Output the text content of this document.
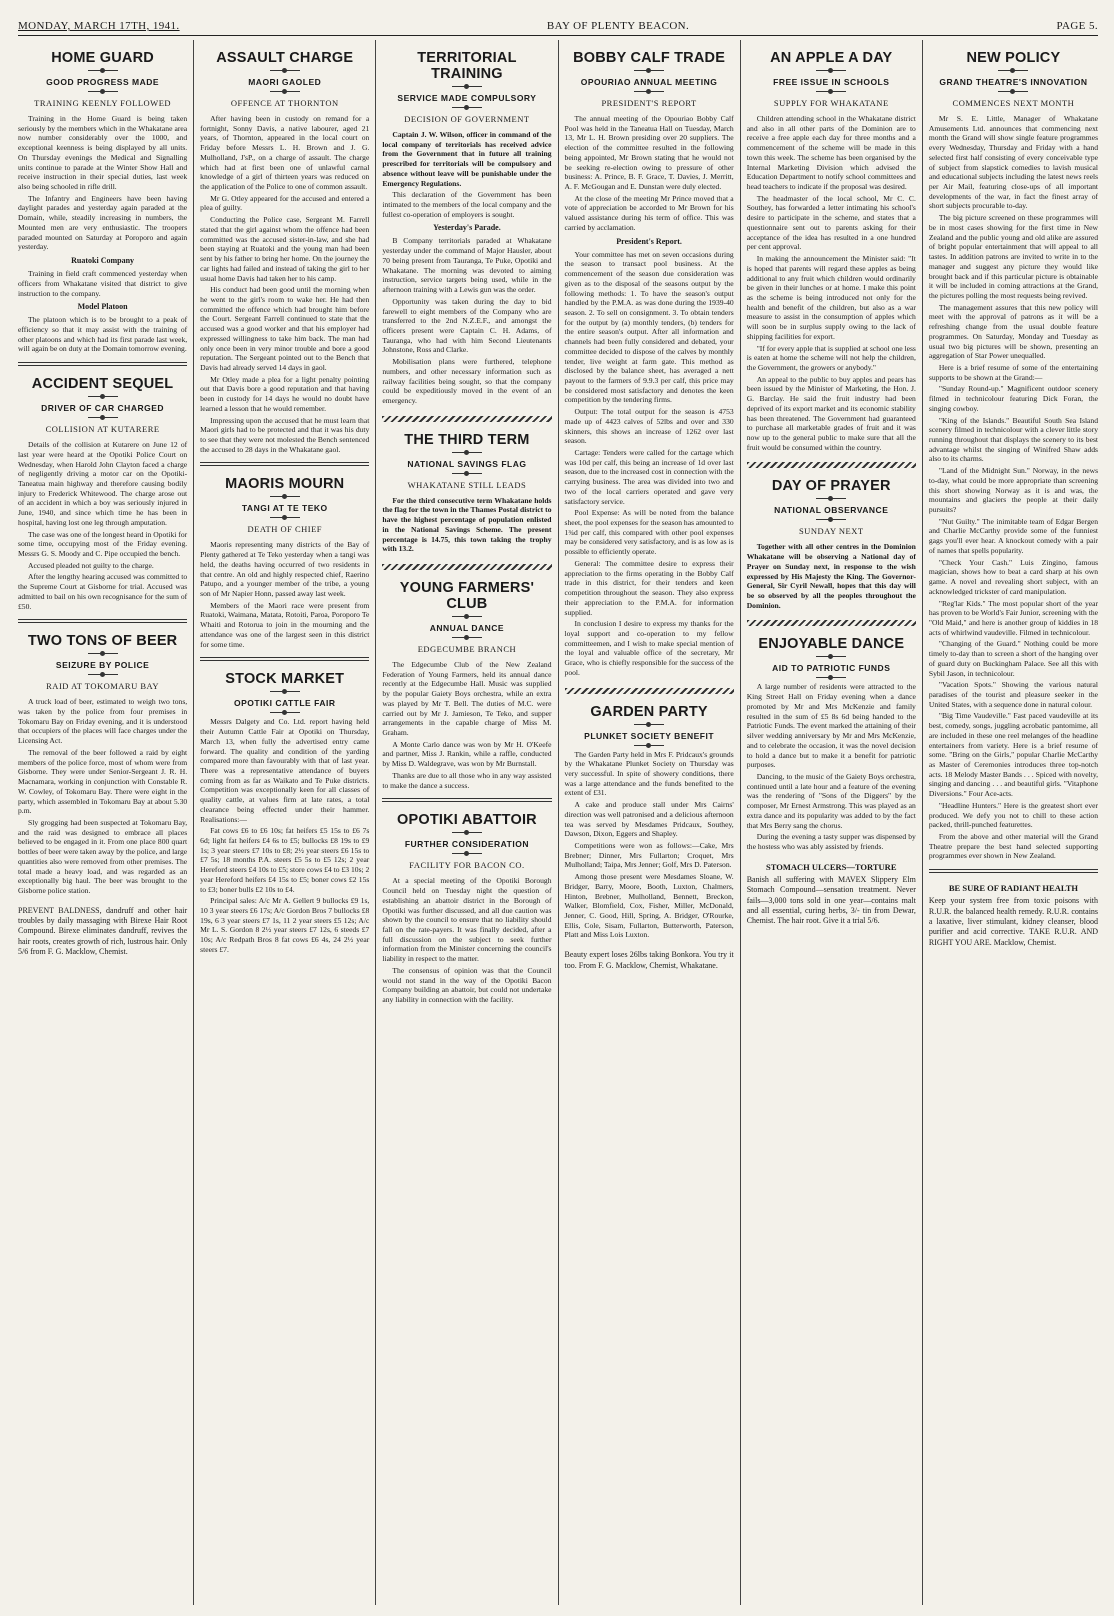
MONDAY, MARCH 17TH, 1941.	BAY OF PLENTY BEACON.	PAGE 5.
HOME GUARD
GOOD PROGRESS MADE
TRAINING KEENLY FOLLOWED

Training in the Home Guard is being taken seriously by the members which in the Whakatane area now number considerably over the 1000, and exceptional keenness is being displayed by all units. On Thursday evenings the Medical and Signalling units continue to parade at the Winter Show Hall and receive instruction in their special duties, last week also being schooled in rifle drill.

The Infantry and Engineers have been having daylight parades and yesterday again paraded at the Domain, while, steadily increasing in numbers, the Mounted men are very enthusiastic. The troopers paraded mounted on Saturday at Poroporo and again yesterday.

Ruatoki Company

Training in field craft commenced yesterday when officers from Whakatane visited that district to give instruction to the company.

Model Platoon

The platoon which is to be brought to a peak of efficiency so that it may assist with the training of other platoons and which had its first parade last week, will again be on duty at the Domain tomorrow evening.

ACCIDENT SEQUEL
DRIVER OF CAR CHARGED
COLLISION AT KUTARERE

Details of the collision at Kutarere on June 12 of last year were heard at the Opotiki Police Court on Wednesday, when Harold John Clayton faced a charge of negligently driving a motor car on the Opotiki-Taneatua main highway and therefore causing bodily injury to Frederick Whitewood. The charge arose out of an accident in which a boy was seriously injured in June, 1940, and since which time he has been in hospital, having lost one leg through amputation.

The case was one of the longest heard in Opotiki for some time, occupying most of the Friday evening. Messrs G. S. Moody and C. Pipe occupied the bench.

Accused pleaded not guilty to the charge.

After the lengthy hearing accused was committed to the Supreme Court at Gisborne for trial. Accused was admitted to bail on his own recognisance for the sum of £50.

TWO TONS OF BEER
SEIZURE BY POLICE
RAID AT TOKOMARU BAY

A truck load of beer, estimated to weigh two tons, was taken by the police from four premises in Tokomaru Bay on Friday evening, and it is understood that occupiers of the places will face charges under the Licensing Act.

The removal of the beer followed a raid by eight members of the police force, most of whom were from Gisborne. They were under Senior-Sergeant J. R. H. Macnamara, working in conjunction with Constable R. W. Cowley, of Tokomaru Bay. There were eight in the party, which assembled in Tokomaru Bay at about 5.30 p.m.

Sly grogging had been suspected at Tokomaru Bay, and the raid was designed to embrace all places believed to be engaged in it. From one place 800 quart bottles of beer were taken away by the police, and large quantities also were removed from other premises. The total made a heavy load, and was regarded as an exceptionally big haul. The beer was brought to the Gisborne police station.

PREVENT BALDNESS, dandruff and other hair troubles by daily massaging with Birexe Hair Root Compound. Birexe eliminates dandruff, revives the hair roots, creates growth of rich, lustrous hair. Only 5/6 from F. G. Macklow, Chemist.
ASSAULT CHARGE
MAORI GAOLED
OFFENCE AT THORNTON

After having been in custody on remand for a fortnight, Sonny Davis, a native labourer, aged 21 years, of Thornton, appeared in the local court on Friday before Messrs L. H. Brown and J. G. Mulholland, J'sP., on a charge of assault. The charge which had at first been one of unlawful carnal knowledge of a girl of thirteen years was reduced on the application of the Police to one of common assault.

Mr G. Otley appeared for the accused and entered a plea of guilty.

Conducting the Police case, Sergeant M. Farrell stated that the girl against whom the offence had been committed was the accused sister-in-law, and she had been staying at Ruatoki and the young man had been sent by his father to bring her home. On the journey the car lights had failed and instead of taking the girl to her usual home Davis had taken her to his camp.

His conduct had been good until the morning when he went to the girl's room to wake her. He had then committed the offence which had brought him before the Court. Sergeant Farrell continued to state that the accused was a good worker and that his employer had expressed willingness to take him back. The man had only once been in very minor trouble and bore a good reputation. The Sergeant pointed out to the Bench that Davis had already served 14 days in gaol.

Mr Otley made a plea for a light penalty pointing out that Davis bore a good reputation and that having been in custody for 14 days he would no doubt have learned a lesson that he would remember.

Impressing upon the accused that he must learn that Maori girls had to be protected and that it was his duty to see that they were not molested the Bench sentenced the accused to 28 days in the Whakatane gaol.

MAORIS MOURN
TANGI AT TE TEKO
DEATH OF CHIEF

Maoris representing many districts of the Bay of Plenty gathered at Te Teko yesterday when a tangi was held, the deaths having occurred of two residents in that centre. An old and highly respected chief, Raerino Patupo, and a younger member of the tribe, a young son of Mr Napier Honn, passed away last week.

Members of the Maori race were present from Ruatoki, Waimana, Matata, Rotoiti, Paroa, Poroporo Te Whaiti and Rotorua to join in the mourning and the attendance was one of the largest seen in this district for some time.

STOCK MARKET
OPOTIKI CATTLE FAIR

Messrs Dalgety and Co. Ltd. report having held their Autumn Cattle Fair at Opotiki on Thursday, March 13, when fully the advertised entry came forward. The quality and condition of the yarding compared more than favourably with that of last year. There was a representative attendance of buyers coming from as far as Waikato and Te Puke districts. Competition was exceptionally keen for all classes of quality cattle, at values firm at late rates, a total clearance being effected under their hammer. Realisations:—

Fat cows £6 to £6 10s; fat heifers £5 15s to £6 7s 6d; light fat heifers £4 6s to £5; bullocks £8 19s to £9 1s; 3 year steers £7 10s to £8; 2½ year steers £6 15s to £7 5s; 18 months P.A. steers £5 5s to £5 12s; 2 year Hereford steers £4 10s to £5; store cows £4 to £3 10s; 2 year Hereford heifers £4 15s to £5; boner cows £2 15s to £3; boner bulls £2 10s to £4.

Principal sales: A/c Mr A. Gellert 9 bullocks £9 1s, 10 3 year steers £6 17s; A/c Gordon Bros 7 bullocks £8 19s, 6 3 year steers £7 1s, 11 2 year steers £5 12s; A/c Mr L. S. Gordon 8 2½ year steers £7 12s, 6 steeds £7 10s; A/c Redpath Bros 8 fat cows £6 4s, 24 2½ year steers £7.

TERRITORIAL TRAINING
SERVICE MADE COMPULSORY
DECISION OF GOVERNMENT

Captain J. W. Wilson, officer in command of the local company of territorials has received advice from the Government that in future all training prescribed for territorials will be compulsory and absence without leave will be punishable under the Emergency Regulations.

This declaration of the Government has been intimated to the members of the local company and the fullest co-operation of employers is sought.

Yesterday's Parade.

B Company territorials paraded at Whakatane yesterday under the command of Major Hausler, about 70 being present from Tauranga, Te Puke, Opotiki and Whakatane. The morning was devoted to aiming instruction, service targets being used, while in the afternoon training with a Lewis gun was the order.

Opportunity was taken during the day to bid farewell to eight members of the Company who are transferred to the 2nd N.Z.E.F., and amongst the officers present were Captain C. H. Adams, of Tauranga, who had with him Second Lieutenants Johnstone, Ross and Clarke.

Mobilisation plans were furthered, telephone numbers, and other necessary information such as railway facilities being sought, so that the company could be expeditiously moved in the event of an emergency.

THE THIRD TERM
NATIONAL SAVINGS FLAG
WHAKATANE STILL LEADS

For the third consecutive term Whakatane holds the flag for the town in the Thames Postal district to have the highest percentage of population enlisted in the National Savings Scheme. The present percentage is 14.75, this town taking the trophy with 13.2.

YOUNG FARMERS' CLUB
ANNUAL DANCE
EDGECUMBE BRANCH

The Edgecumbe Club of the New Zealand Federation of Young Farmers, held its annual dance recently at the Edgecumbe Hall. Music was supplied by the popular Gaiety Boys orchestra, while an extra was played by Mr T. Bell. The duties of M.C. were carried out by Mr J. Jamieson, Te Teko, and supper arrangements in the capable charge of Miss M. Graham.

A Monte Carlo dance was won by Mr H. O'Keefe and partner, Miss J. Rankin, while a raffle, conducted by Miss D. Waldegrave, was won by Mr Burnstall.

Thanks are due to all those who in any way assisted to make the dance a success.

OPOTIKI ABATTOIR
FURTHER CONSIDERATION
FACILITY FOR BACON CO.

At a special meeting of the Opotiki Borough Council held on Tuesday night the question of establishing an abattoir district in the Borough of Opotiki was further discussed, and all due caution was shown by the council to ensure that no liability should fall on the rate-payers. It was finally decided, after a full discussion on the subject to seek further information from the Minister concerning the council's liability in respect to the matter.

The consensus of opinion was that the Council would not stand in the way of the Opotiki Bacon Company building an abattoir, but could not undertake any liability in connection with the facility.

BOBBY CALF TRADE
OPOURIAO ANNUAL MEETING
PRESIDENT'S REPORT

The annual meeting of the Opouriao Bobby Calf Pool was held in the Taneatua Hall on Tuesday, March 13, Mr L. H. Brown presiding over 20 suppliers. The election of the committee resulted in the following being appointed, Mr Brown stating that he would not be seeking re-election owing to pressure of other business: A. Prince, B. F. Grace, T. Davies, J. Merritt, A. F. McGougan and E. Dunstan were duly elected.

At the close of the meeting Mr Prince moved that a vote of appreciation be accorded to Mr Brown for his valued assistance during his term of office. This was carried by acclamation.

President's Report.

Your committee has met on seven occasions during the season to transact pool business. At the commencement of the season due consideration was given as to the disposal of the seasons output by the following methods: 1. To have the season's output handled by the P.M.A. as was done during the 1939-40 season. 2. To sell on consignment. 3. To obtain tenders for the output by (a) monthly tenders, (b) tenders for the entire season's output. After all information and channels had been fully considered and debated, your committee decided to dispose of the calves by monthly tender, live weight at farm gate. This method as disclosed by the balance sheet, has averaged a nett payout to the farmers of 9.9.3 per calf, this price may be considered most satisfactory and denotes the keen competition by the tendering firms.

Output: The total output for the season is 4753 made up of 4423 calves of 52lbs and over and 330 skinners, this shows an increase of 1262 over last season.

Cartage: Tenders were called for the cartage which was 10d per calf, this being an increase of 1d over last season, due to the increased cost in connection with the carrying business. The area was divided into two and two of the local carriers operated and gave very satisfactory service.

Pool Expense: As will be noted from the balance sheet, the pool expenses for the season has amounted to 1¾d per calf, this compared with other pool expenses may be considered very satisfactory, and is as low as is possible to efficiently operate.

General: The committee desire to express their appreciation to the firms operating in the Bobby Calf trade in this district, for their tenders and keen competition throughout the season. They also express their appreciation to the P.M.A. for information supplied.

In conclusion I desire to express my thanks for the loyal support and co-operation to my fellow committeemen, and I wish to make special mention of the loyal and valuable office of the secretary, Mr Grace, who is chiefly responsible for the success of the pool.

GARDEN PARTY
PLUNKET SOCIETY BENEFIT

The Garden Party held in Mrs F. Pridcaux's grounds by the Whakatane Plunket Society on Thursday was very successful. In spite of showery conditions, there was a large attendance and the funds benefited to the extent of £31.

A cake and produce stall under Mrs Cairns' direction was well patronised and a delicious afternoon tea was served by Mesdames Pridcaux, Southey, Dawson, Dixon, Eggers and Shapley.

Competitions were won as follows:—Cake, Mrs Brebner; Dinner, Mrs Fullarton; Croquet, Mrs Mulholland; Taipa, Mrs Jenner; Golf, Mrs D. Paterson.

Among those present were Mesdames Sloane, W. Bridger, Barry, Moore, Booth, Luxton, Chalmers, Hinton, Brebner, Mulholland, Bennett, Breckon, Walker, Blomfield, Cox, Fisher, Miller, McDonald, Jenner, C. Good, Hill, Spring, A. Bridger, O'Rourke, Ellis, Cole, Sisam, Fullarton, Butterworth, Paterson, Platt and Miss Lois Luxton.

Beauty expert loses 26lbs taking Bonkora. You try it too. From F. G. Macklow, Chemist, Whakatane.
AN APPLE A DAY
FREE ISSUE IN SCHOOLS
SUPPLY FOR WHAKATANE

Children attending school in the Whakatane district and also in all other parts of the Dominion are to receive a free apple each day for three months and a commencement of the scheme will be made in this town this week. The scheme has been organised by the Internal Marketing Division which advised the Education Department to notify school committees and head teachers to indicate if the proposal was desired.

The headmaster of the local school, Mr C. C. Southey, has forwarded a letter intimating his school's desire to participate in the scheme, and states that a questionnaire sent out to parents asking for their acceptance of the idea has resulted in a one hundred per cent approval.

In making the announcement the Minister said: "It is hoped that parents will regard these apples as being additional to any fruit which children would ordinarily be given in their lunches or at home. I make this point as the scheme is being introduced not only for the health and benefit of the children, but also as a war measure to assist in the consumption of apples which will soon be in surplus supply owing to the lack of shipping facilities for export.

"If for every apple that is supplied at school one less is eaten at home the scheme will not help the children, the Government, the growers or anybody."

An appeal to the public to buy apples and pears has been issued by the Minister of Marketing, the Hon. J. G. Barclay. He said the fruit industry had been deprived of its export market and its economic stability has been threatened. The Government had guaranteed to purchase all marketable grades of fruit and it was now up to the general public to make sure that all the fruit would be consumed within the country.

DAY OF PRAYER
NATIONAL OBSERVANCE
SUNDAY NEXT

Together with all other centres in the Dominion Whakatane will be observing a National day of Prayer on Sunday next, in response to the wish expressed by His Majesty the King. The Governor-General, Sir Cyril Newall, hopes that this day will be so observed by all the peoples throughout the Dominion.

ENJOYABLE DANCE
AID TO PATRIOTIC FUNDS

A large number of residents were attracted to the King Street Hall on Friday evening when a dance promoted by Mr and Mrs McKenzie and family resulted in the sum of £5 8s 6d being handed to the Patriotic Funds. The event marked the attaining of their silver wedding anniversary by Mr and Mrs McKenzie, and to celebrate the occasion, it was the novel decision to hold a dance but to make it a benefit for patriotic purposes.

Dancing, to the music of the Gaiety Boys orchestra, continued until a late hour and a feature of the evening was the rendering of "Sons of the Diggers" by the composer, Mr Ernest Armstrong. This was played as an extra dance and its popularity was added to by the fact that Mrs Berry sang the chorus.

During the evening a tasty supper was dispensed by the hostess who was ably assisted by friends.

STOMACH ULCERS—TORTURE
Banish all suffering with MAVEX Slippery Elm Stomach Compound—sensation treatment. Never fails—3,000 tons sold in one year—contains malt and all essential, curing herbs, 3/- tin from Dewar, Chemist. The hair root. Give it a trial 5/6.
NEW POLICY
GRAND THEATRE'S INNOVATION
COMMENCES NEXT MONTH

Mr S. E. Little, Manager of Whakatane Amusements Ltd. announces that commencing next month the Grand will show single feature programmes every Wednesday, Thursday and Friday with a hand selected first half consisting of every conceivable type of subject from slapstick comedies to lavish musical and educational subjects including the latest news reels per Air Mail, featuring close-ups of all important developments of the war, in fact the finest array of short subjects procurable to-day.

The big picture screened on these programmes will be in most cases showing for the first time in New Zealand and the public young and old alike are assured of bright popular entertainment that will appeal to all tastes. In addition patrons are invited to write in to the manager and suggest any picture they would like brought back and if this particular picture is obtainable it will be included in coming attractions at the Grand, the pictures polling the most requests being revived.

The management assures that this new policy will meet with the approval of patrons as it will be a refreshing change from the usual double feature programmes. On Saturday, Monday and Tuesday as usual two big pictures will be shown, presenting an aggregation of Star Power unequalled.

Here is a brief resume of some of the entertaining supports to be shown at the Grand:—

"Sunday Round-up." Magnificent outdoor scenery filmed in technicolour featuring Dick Foran, the singing cowboy.

"King of the Islands." Beautiful South Sea Island scenery filmed in technicolour with a clever little story running throughout that displays the scenery to its best advantage whilst the singing of Winifred Shaw adds also to its charms.

"Land of the Midnight Sun." Norway, in the news to-day, what could be more appropriate than screening this short showing Norway as it is and was, the mountains and glaciers the people at their daily pursuits?

"Nut Guilty." The inimitable team of Edgar Bergen and Charlie McCarthy provide some of the funniest gags you'll ever hear. A knockout comedy with a pair of names that spells popularity.

"Check Your Cash." Luis Zingino, famous magician, shows how to beat a card sharp at his own game. A novel and revealing short subject, with an acknowledged trickster of card manipulation.

"Reg'lar Kids." The most popular short of the year has proven to be World's Fair Junior, screening with the "Old Maid," and here is another group of kiddies in 18 acts of whirlwind vaudeville. Filmed in technicolour.

"Changing of the Guard." Nothing could be more timely to-day than to screen a short of the hanging over of guard duty on Buckingham Palace. See all this with Sybil Jason, in technicolour.

"Vacation Spots." Showing the various natural paradises of the tourist and pleasure seeker in the United States, with a sequence done in natural colour.

"Big Time Vaudeville." Fast paced vaudeville at its best, comedy, songs, juggling acrobatic pantomime, all are included in these one reel melanges of the headline entertainers from variety. Here is a brief resume of some. "Bring on the Girls," popular Charlie McCarthy as Master of Ceremonies introduces three top-notch acts. 18 Melody Master Bands . . . Spiced with novelty, singing and dancing . . . and beautiful girls. "Vitaphone Diversions." Four Ace-acts.

"Headline Hunters." Here is the greatest short ever produced. We defy you not to chill to these action packed, thrill-punched featurettes.

From the above and other material will the Grand Theatre prepare the best hand selected supporting programmes ever shown in New Zealand.

BE SURE OF RADIANT HEALTH
Keep your system free from toxic poisons with R.U.R. the balanced health remedy. R.U.R. contains a laxative, liver stimulant, kidney cleanser, blood purifier and acid corrective. TAKE R.U.R. AND RIGHT YOU ARE. Macklow, Chemist.
